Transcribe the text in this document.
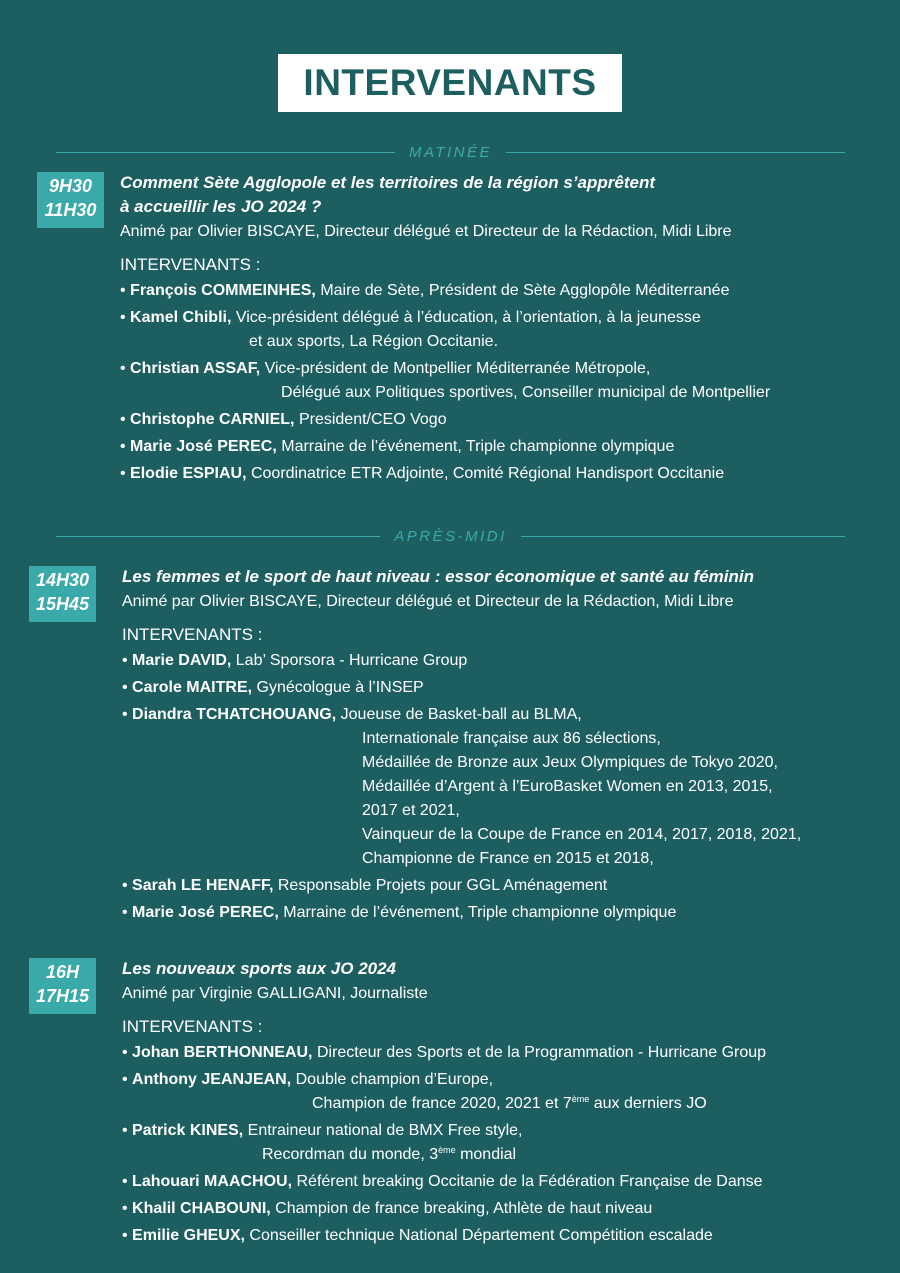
INTERVENANTS
MATINÉE
9H30
11H30
Comment Sète Agglopole et les territoires de la région s’apprêtent
à accueillir les JO 2024 ?
Animé par Olivier BISCAYE, Directeur délégué et Directeur de la Rédaction, Midi Libre
INTERVENANTS :
• François COMMEINHES, Maire de Sète, Président de Sète Agglopôle Méditerranée
• Kamel Chibli, Vice-président délégué à l’éducation, à l’orientation, à la jeunesse
et aux sports, La Région Occitanie.
• Christian ASSAF, Vice-président de Montpellier Méditerranée Métropole,
Délégué aux Politiques sportives, Conseiller municipal de Montpellier
• Christophe CARNIEL, President/CEO Vogo
• Marie José PEREC, Marraine de l’événement, Triple championne olympique
• Elodie ESPIAU, Coordinatrice ETR Adjointe, Comité Régional Handisport Occitanie
APRÈS-MIDI
14H30
15H45
Les femmes et le sport de haut niveau : essor économique et santé au féminin
Animé par Olivier BISCAYE, Directeur délégué et Directeur de la Rédaction, Midi Libre
INTERVENANTS :
• Marie DAVID, Lab’ Sporsora - Hurricane Group
• Carole MAITRE, Gynécologue à l’INSEP
• Diandra TCHATCHOUANG, Joueuse de Basket-ball au BLMA,
Internationale française aux 86 sélections,
Médaillée de Bronze aux Jeux Olympiques de Tokyo 2020,
Médaillée d’Argent à l’EuroBasket Women en 2013, 2015,
2017 et 2021,
Vainqueur de la Coupe de France en 2014, 2017, 2018, 2021,
Championne de France en 2015 et 2018,
• Sarah LE HENAFF, Responsable Projets pour GGL Aménagement
• Marie José PEREC, Marraine de l’événement, Triple championne olympique
16H
17H15
Les nouveaux sports aux JO 2024
Animé par Virginie GALLIGANI, Journaliste
INTERVENANTS :
• Johan BERTHONNEAU, Directeur des Sports et de la Programmation - Hurricane Group
• Anthony JEANJEAN, Double champion d’Europe,
Champion de france 2020, 2021 et 7ème aux derniers JO
• Patrick KINES, Entraineur national de BMX Free style,
Recordman du monde, 3ème mondial
• Lahouari MAACHOU, Référent breaking Occitanie de la Fédération Française de Danse
• Khalil CHABOUNI, Champion de france breaking, Athlète de haut niveau
• Emilie GHEUX, Conseiller technique National Département Compétition escalade
